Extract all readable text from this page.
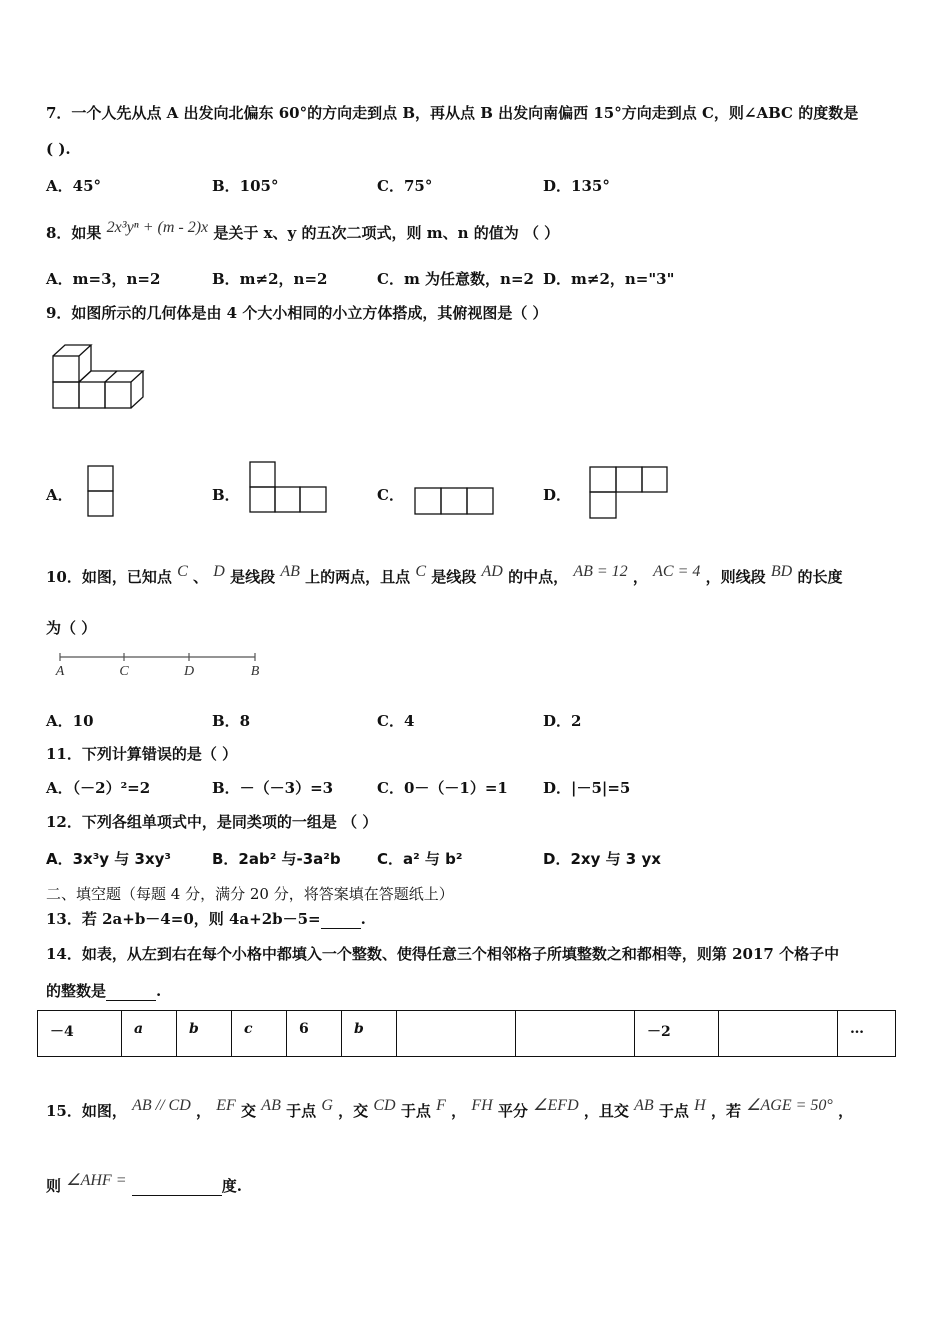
7．一个人先从点 A 出发向北偏东 60°的方向走到点 B，再从点 B 出发向南偏西 15°方向走到点 C，则∠ABC 的度数是
( ).
A．45°	B．105°	C．75°	D．135°
8．如果 2x³yⁿ + (m - 2)x 是关于 x、y 的五次二项式，则 m、n 的值为 （ ）
A．m=3，n=2	B．m≠2，n=2	C．m 为任意数，n=2 D．m≠2，n="3"
9．如图所示的几何体是由 4 个大小相同的小立方体搭成，其俯视图是（ ）
A．	B．	C．	D．
10．如图，已知点 C 、 D 是线段 AB 上的两点，且点 C 是线段 AD 的中点， AB = 12 ， AC = 4 ，则线段 BD 的长度
为（ ）
A	C	D	B
A．10	B．8	C．4	D．2
11．下列计算错误的是（ ）
A．（－2）²=2	B．－（－3）=3	C．0－（－1）=1 D．|－5|=5
12．下列各组单项式中，是同类项的一组是 （ ）
A．3x³y 与 3xy³	B．2ab² 与-3a²b C．a² 与 b²	D．2xy 与 3 yx
二、填空题（每题 4 分，满分 20 分，将答案填在答题纸上）
13．若 2a+b－4=0，则 4a+2b－5=	.
14．如表，从左到右在每个小格中都填入一个整数、使得任意三个相邻格子所填整数之和都相等，则第 2017 个格子中
的整数是	.
－4	a	b	c	6	b			－2		…
15．如图， AB // CD ， EF 交 AB 于点 G ，交 CD 于点 F ， FH 平分 ∠EFD ，且交 AB 于点 H ，若 ∠AGE = 50° ，
则 ∠AHF =	度.
